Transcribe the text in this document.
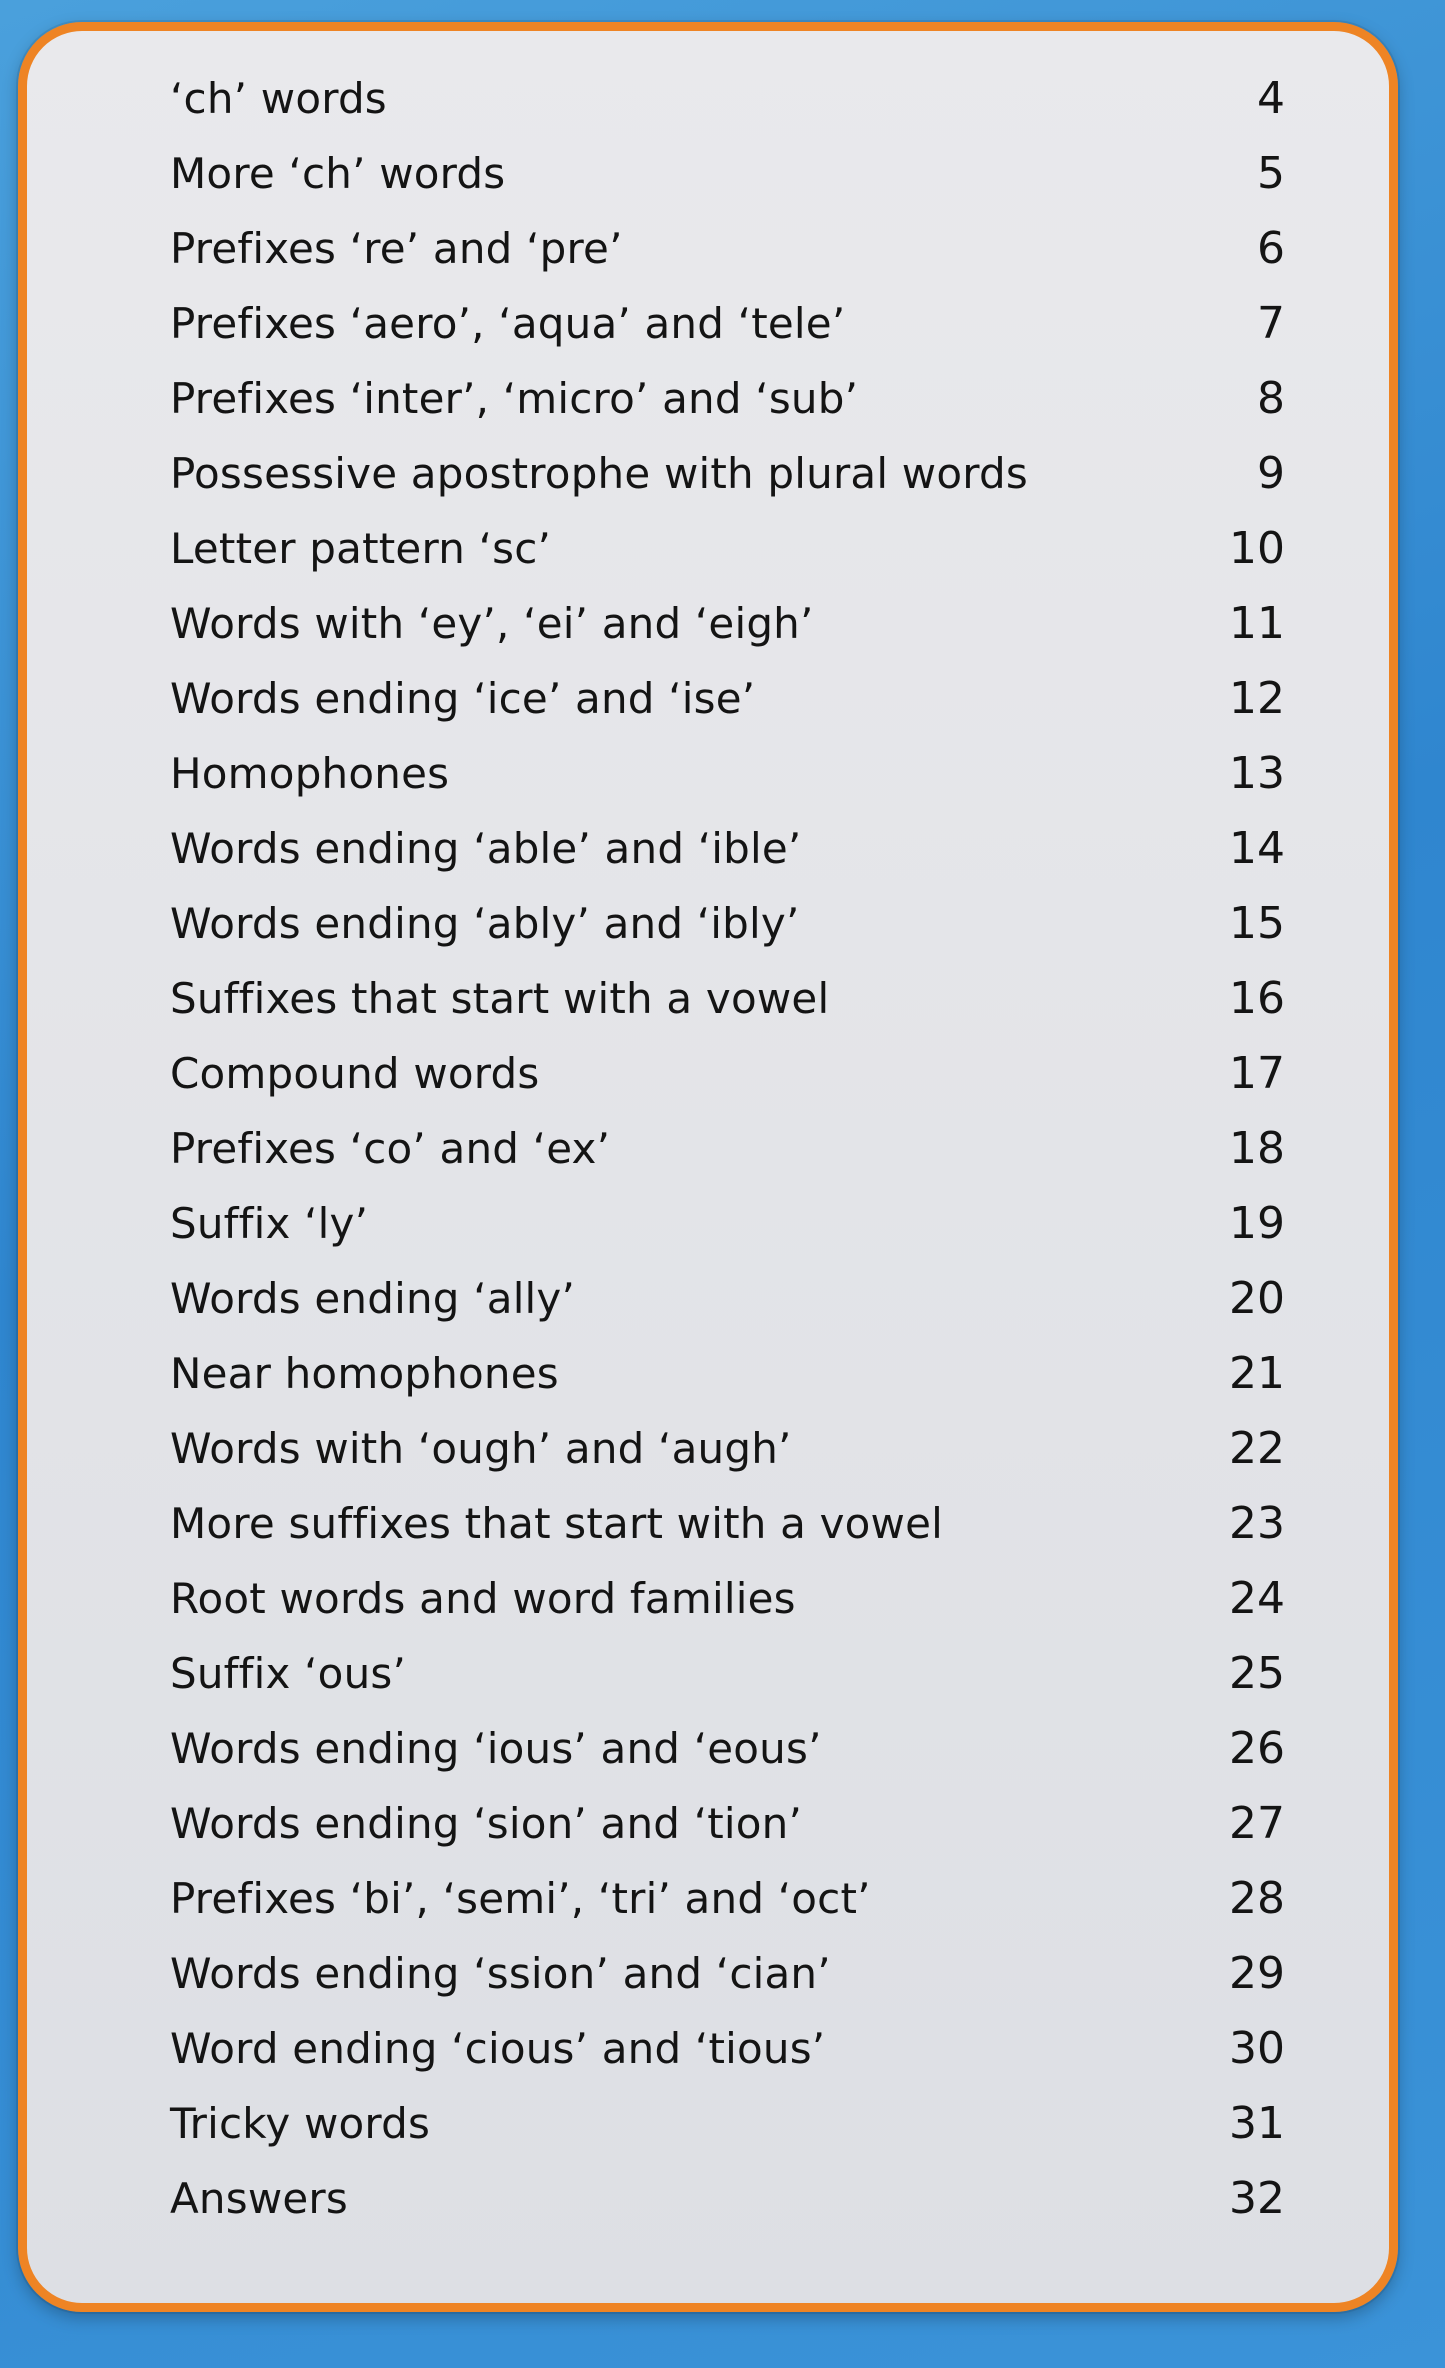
‘ch’ words	4
More ‘ch’ words	5
Prefixes ‘re’ and ‘pre’	6
Prefixes ‘aero’, ‘aqua’ and ‘tele’	7
Prefixes ‘inter’, ‘micro’ and ‘sub’	8
Possessive apostrophe with plural words	9
Letter pattern ‘sc’	10
Words with ‘ey’, ‘ei’ and ‘eigh’	11
Words ending ‘ice’ and ‘ise’	12
Homophones	13
Words ending ‘able’ and ‘ible’	14
Words ending ‘ably’ and ‘ibly’	15
Suffixes that start with a vowel	16
Compound words	17
Prefixes ‘co’ and ‘ex’	18
Suffix ‘ly’	19
Words ending ‘ally’	20
Near homophones	21
Words with ‘ough’ and ‘augh’	22
More suffixes that start with a vowel	23
Root words and word families	24
Suffix ‘ous’	25
Words ending ‘ious’ and ‘eous’	26
Words ending ‘sion’ and ‘tion’	27
Prefixes ‘bi’, ‘semi’, ‘tri’ and ‘oct’	28
Words ending ‘ssion’ and ‘cian’	29
Word ending ‘cious’ and ‘tious’	30
Tricky words	31
Answers	32
